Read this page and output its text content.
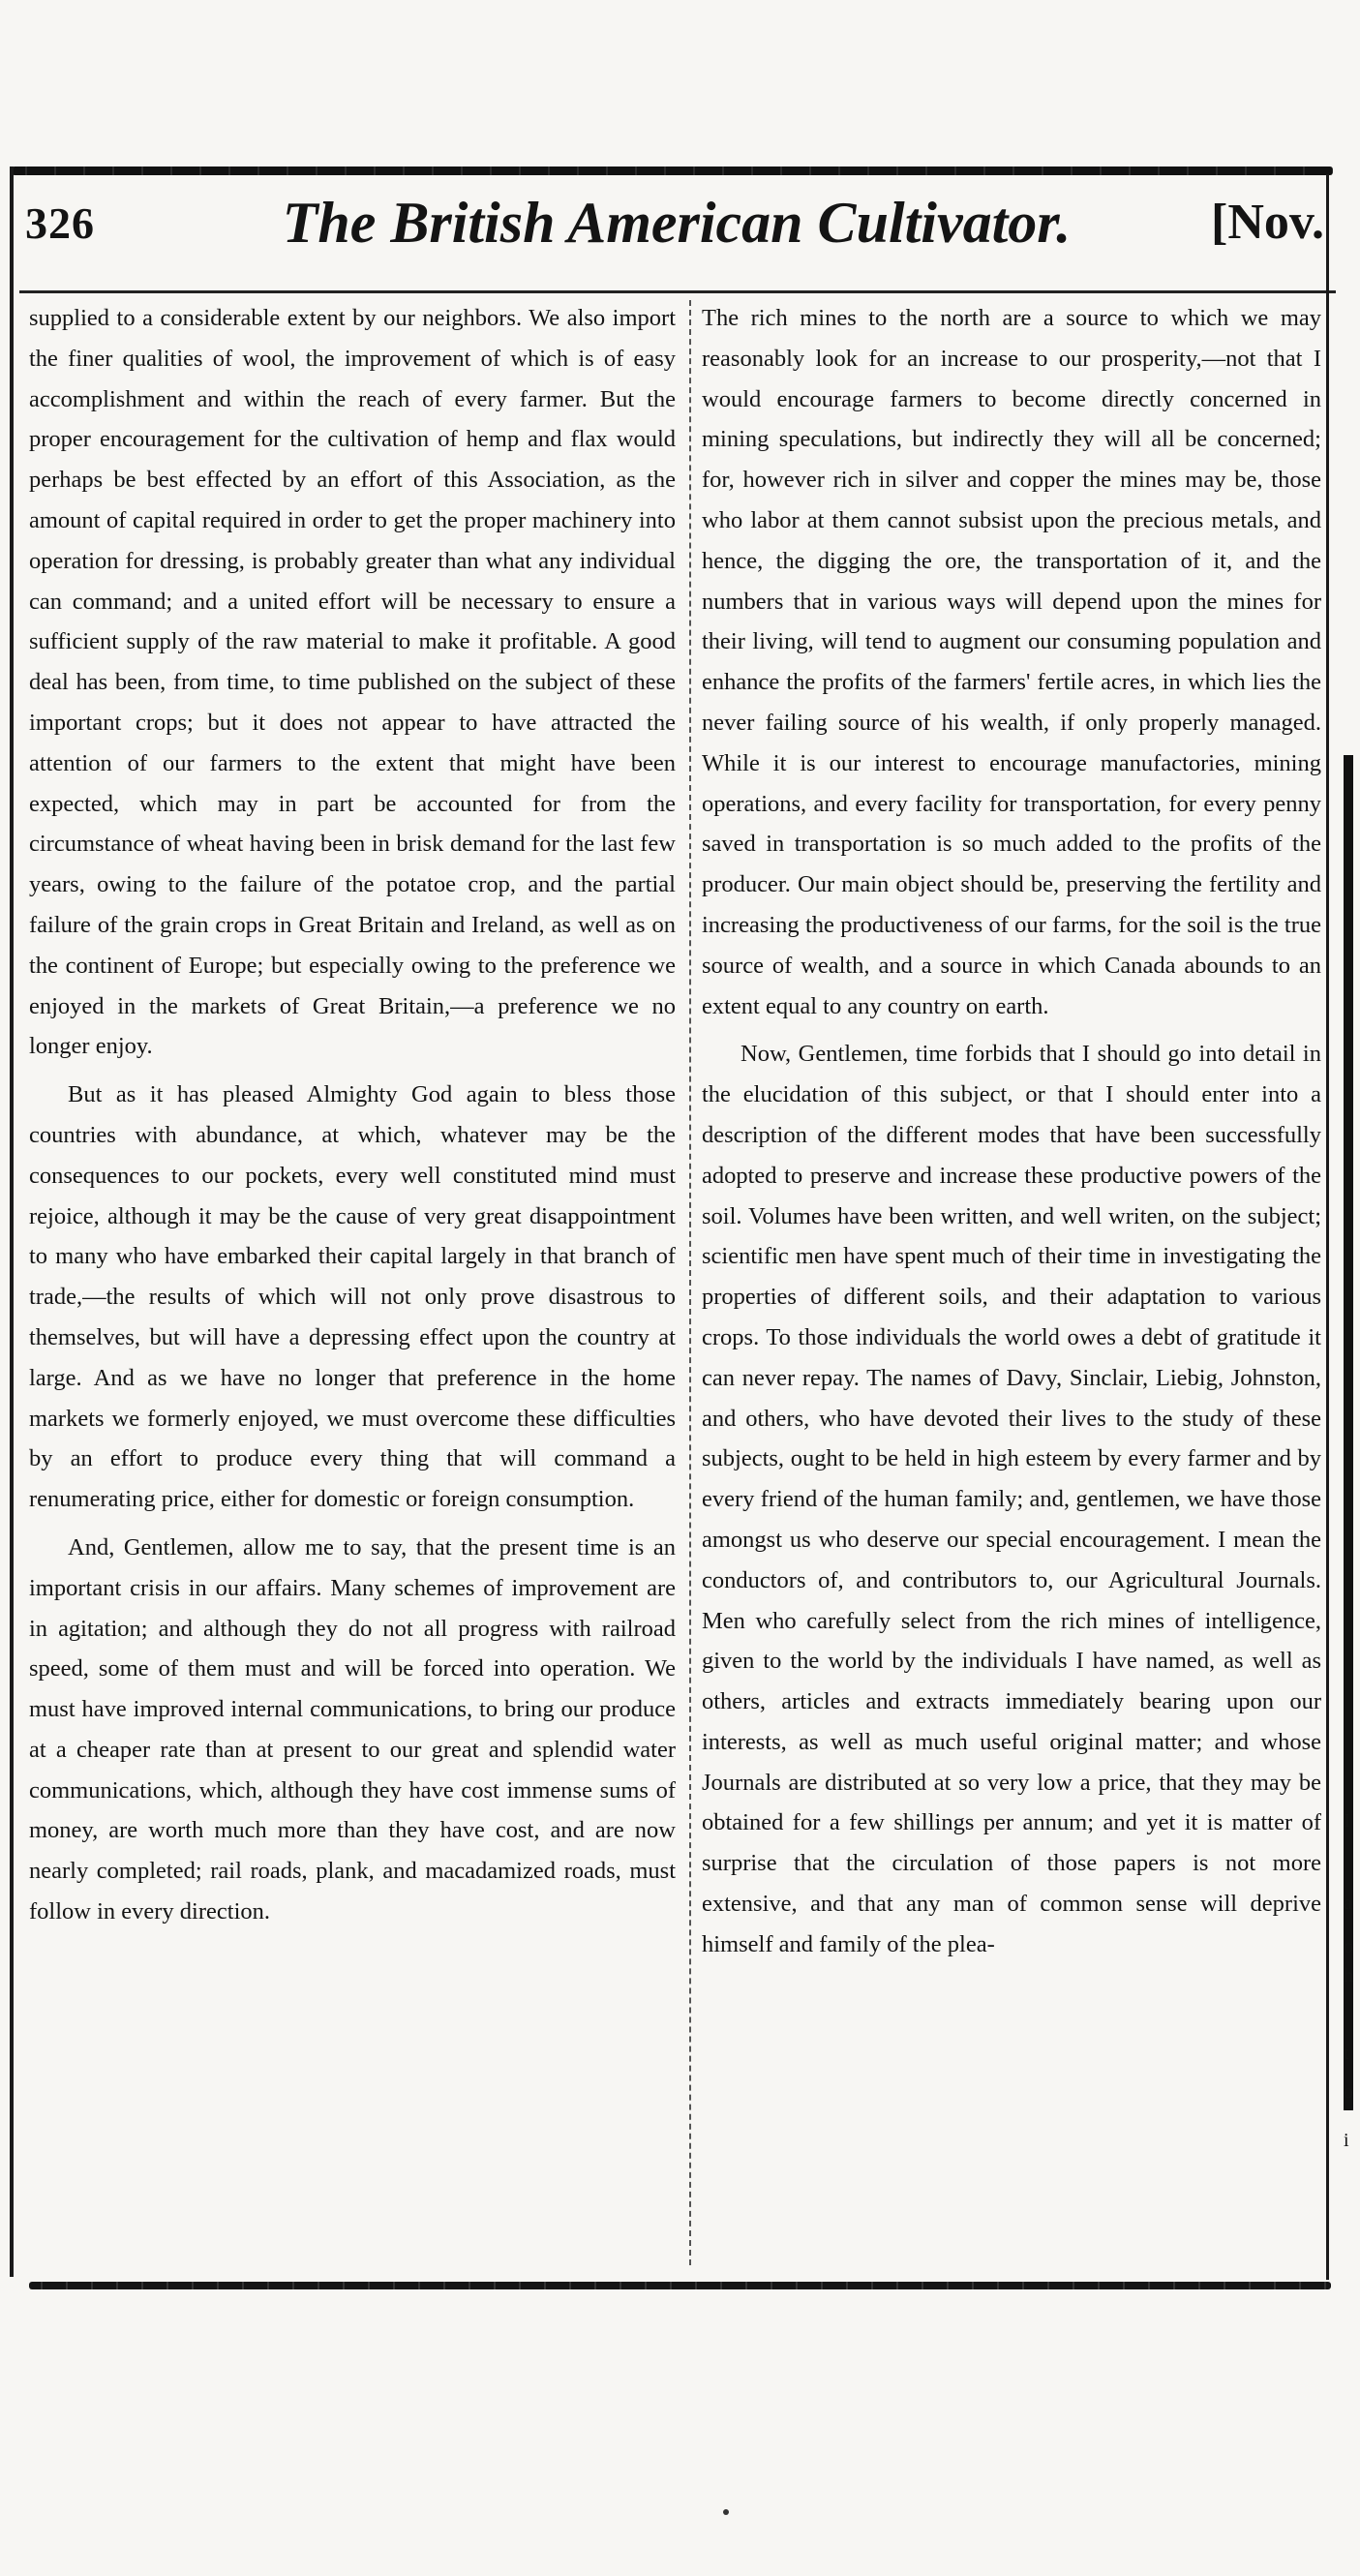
326	The British American Cultivator.	[Nov.

supplied to a considerable extent by our neighbors. We also import the finer qualities of wool, the improvement of which is of easy accomplishment and within the reach of every farmer. But the proper encouragement for the cultivation of hemp and flax would perhaps be best effected by an effort of this Association, as the amount of capital required in order to get the proper machinery into operation for dressing, is probably greater than what any individual can command; and a united effort will be necessary to ensure a sufficient supply of the raw material to make it profitable. A good deal has been, from time, to time published on the subject of these important crops; but it does not appear to have attracted the attention of our farmers to the extent that might have been expected, which may in part be accounted for from the circumstance of wheat having been in brisk demand for the last few years, owing to the failure of the potatoe crop, and the partial failure of the grain crops in Great Britain and Ireland, as well as on the continent of Europe; but especially owing to the preference we enjoyed in the markets of Great Britain,—a preference we no longer enjoy.

But as it has pleased Almighty God again to bless those countries with abundance, at which, whatever may be the consequences to our pockets, every well constituted mind must rejoice, although it may be the cause of very great disappointment to many who have embarked their capital largely in that branch of trade,—the results of which will not only prove disastrous to themselves, but will have a depressing effect upon the country at large. And as we have no longer that preference in the home markets we formerly enjoyed, we must overcome these difficulties by an effort to produce every thing that will command a renumerating price, either for domestic or foreign consumption.

And, Gentlemen, allow me to say, that the present time is an important crisis in our affairs. Many schemes of improvement are in agitation; and although they do not all progress with railroad speed, some of them must and will be forced into operation. We must have improved internal communications, to bring our produce at a cheaper rate than at present to our great and splendid water communications, which, although they have cost immense sums of money, are worth much more than they have cost, and are now nearly completed; rail roads, plank, and macadamized roads, must follow in every direction.

The rich mines to the north are a source to which we may reasonably look for an increase to our prosperity,—not that I would encourage farmers to become directly concerned in mining speculations, but indirectly they will all be concerned; for, however rich in silver and copper the mines may be, those who labor at them cannot subsist upon the precious metals, and hence, the digging the ore, the transportation of it, and the numbers that in various ways will depend upon the mines for their living, will tend to augment our consuming population and enhance the profits of the farmers' fertile acres, in which lies the never failing source of his wealth, if only properly managed. While it is our interest to encourage manufactories, mining operations, and every facility for transportation, for every penny saved in transportation is so much added to the profits of the producer. Our main object should be, preserving the fertility and increasing the productiveness of our farms, for the soil is the true source of wealth, and a source in which Canada abounds to an extent equal to any country on earth.

Now, Gentlemen, time forbids that I should go into detail in the elucidation of this subject, or that I should enter into a description of the different modes that have been successfully adopted to preserve and increase these productive powers of the soil. Volumes have been written, and well writen, on the subject; scientific men have spent much of their time in investigating the properties of different soils, and their adaptation to various crops. To those individuals the world owes a debt of gratitude it can never repay. The names of Davy, Sinclair, Liebig, Johnston, and others, who have devoted their lives to the study of these subjects, ought to be held in high esteem by every farmer and by every friend of the human family; and, gentlemen, we have those amongst us who deserve our special encouragement. I mean the conductors of, and contributors to, our Agricultural Journals. Men who carefully select from the rich mines of intelligence, given to the world by the individuals I have named, as well as others, articles and extracts immediately bearing upon our interests, as well as much useful original matter; and whose Journals are distributed at so very low a price, that they may be obtained for a few shillings per annum; and yet it is matter of surprise that the circulation of those papers is not more extensive, and that any man of common sense will deprive himself and family of the plea-

I
a
o
h
t
o
i
